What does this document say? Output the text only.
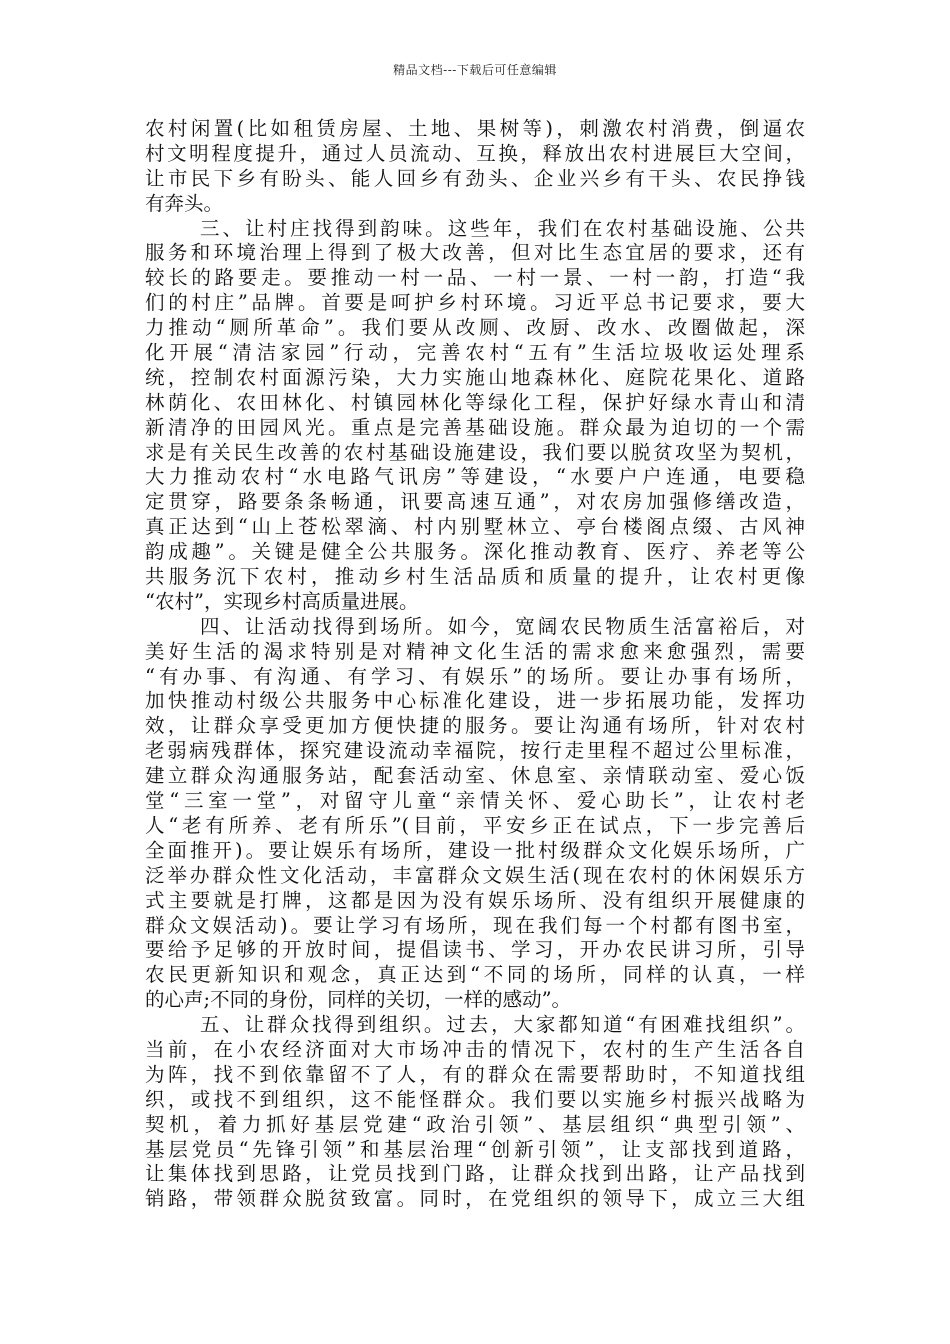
精品文档---下载后可任意编辑
农村闲置(比如租赁房屋、土地、果树等)，刺激农村消费，倒逼农
村文明程度提升，通过人员流动、互换，释放出农村进展巨大空间，
让市民下乡有盼头、能人回乡有劲头、企业兴乡有干头、农民挣钱
有奔头。
三、让村庄找得到韵味。这些年，我们在农村基础设施、公共
服务和环境治理上得到了极大改善，但对比生态宜居的要求，还有
较长的路要走。要推动一村一品、一村一景、一村一韵，打造“我
们的村庄”品牌。首要是呵护乡村环境。习近平总书记要求，要大
力推动“厕所革命”。我们要从改厕、改厨、改水、改圈做起，深
化开展“清洁家园”行动，完善农村“五有”生活垃圾收运处理系
统，控制农村面源污染，大力实施山地森林化、庭院花果化、道路
林荫化、农田林化、村镇园林化等绿化工程，保护好绿水青山和清
新清净的田园风光。重点是完善基础设施。群众最为迫切的一个需
求是有关民生改善的农村基础设施建设，我们要以脱贫攻坚为契机，
大力推动农村“水电路气讯房”等建设，“水要户户连通，电要稳
定贯穿，路要条条畅通，讯要高速互通”，对农房加强修缮改造，
真正达到“山上苍松翠滴、村内别墅林立、亭台楼阁点缀、古风神
韵成趣”。关键是健全公共服务。深化推动教育、医疗、养老等公
共服务沉下农村，推动乡村生活品质和质量的提升，让农村更像
“农村”，实现乡村高质量进展。
四、让活动找得到场所。如今，宽阔农民物质生活富裕后，对
美好生活的渴求特别是对精神文化生活的需求愈来愈强烈，需要
“有办事、有沟通、有学习、有娱乐”的场所。要让办事有场所，
加快推动村级公共服务中心标准化建设，进一步拓展功能，发挥功
效，让群众享受更加方便快捷的服务。要让沟通有场所，针对农村
老弱病残群体，探究建设流动幸福院，按行走里程不超过公里标准，
建立群众沟通服务站，配套活动室、休息室、亲情联动室、爱心饭
堂“三室一堂”，对留守儿童“亲情关怀、爱心助长”，让农村老
人“老有所养、老有所乐”(目前，平安乡正在试点，下一步完善后
全面推开)。要让娱乐有场所，建设一批村级群众文化娱乐场所，广
泛举办群众性文化活动，丰富群众文娱生活(现在农村的休闲娱乐方
式主要就是打牌，这都是因为没有娱乐场所、没有组织开展健康的
群众文娱活动)。要让学习有场所，现在我们每一个村都有图书室，
要给予足够的开放时间，提倡读书、学习，开办农民讲习所，引导
农民更新知识和观念，真正达到“不同的场所，同样的认真，一样
的心声;不同的身份，同样的关切，一样的感动”。
五、让群众找得到组织。过去，大家都知道“有困难找组织”。
当前，在小农经济面对大市场冲击的情况下，农村的生产生活各自
为阵，找不到依靠留不了人，有的群众在需要帮助时，不知道找组
织，或找不到组织，这不能怪群众。我们要以实施乡村振兴战略为
契机，着力抓好基层党建“政治引领”、基层组织“典型引领”、
基层党员“先锋引领”和基层治理“创新引领”，让支部找到道路，
让集体找到思路，让党员找到门路，让群众找到出路，让产品找到
销路，带领群众脱贫致富。同时，在党组织的领导下，成立三大组
